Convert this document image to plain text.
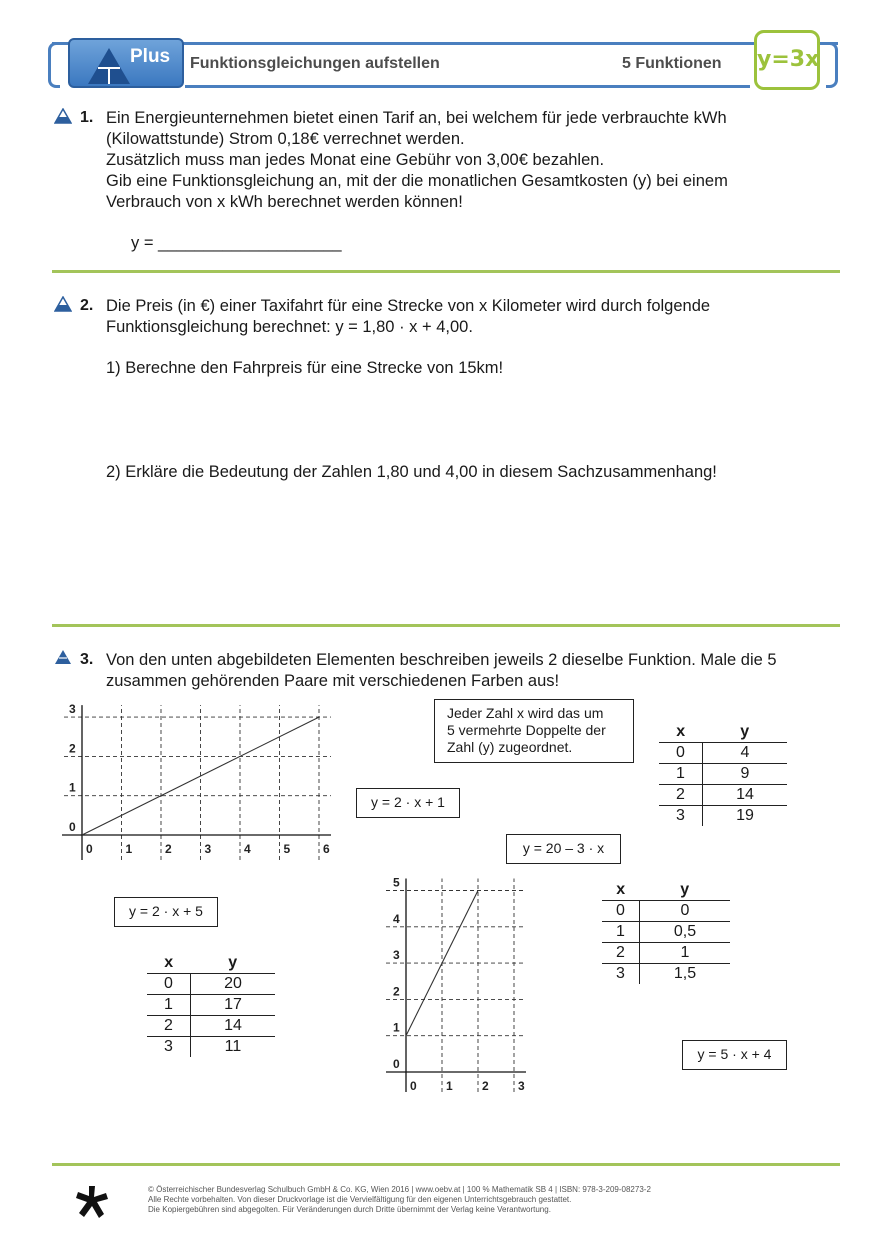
Plus Funktionsgleichungen aufstellen	5 Funktionen y=3x
1. Ein Energieunternehmen bietet einen Tarif an, bei welchem für jede verbrauchte kWh
(Kilowattstunde) Strom 0,18€ verrechnet werden.
Zusätzlich muss man jedes Monat eine Gebühr von 3,00€ bezahlen.
Gib eine Funktionsgleichung an, mit der die monatlichen Gesamtkosten (y) bei einem
Verbrauch von x kWh berechnet werden können!
y = ____________________
2. Die Preis (in €) einer Taxifahrt für eine Strecke von x Kilometer wird durch folgende
Funktionsgleichung berechnet: y = 1,80 · x + 4,00.
1) Berechne den Fahrpreis für eine Strecke von 15km!
2) Erkläre die Bedeutung der Zahlen 1,80 und 4,00 in diesem Sachzusammenhang!
3. Von den unten abgebildeten Elementen beschreiben jeweils 2 dieselbe Funktion. Male die 5
zusammen gehörenden Paare mit verschiedenen Farben aus!
0	1	2	3	4	5	6
0
1
2
3
0 1 2 3
0
1
2
3
4
5
Jeder Zahl x wird das um
5 vermehrte Doppelte der
Zahl (y) zugeordnet.
y = 2 · x + 1
y = 20 – 3 · x
y = 2 · x + 5
y = 5 · x + 4
x	y
0	4
1	9
2	14
3	19
x	y
0	0
1	0,5
2	1
3	1,5
x	y
0	20
1	17
2	14
3	11
© Österreichischer Bundesverlag Schulbuch GmbH & Co. KG, Wien 2016 | www.oebv.at | 100 % Mathematik SB 4 | ISBN: 978-3-209-08273-2
Alle Rechte vorbehalten. Von dieser Druckvorlage ist die Vervielfältigung für den eigenen Unterrichtsgebrauch gestattet.
Die Kopiergebühren sind abgegolten. Für Veränderungen durch Dritte übernimmt der Verlag keine Verantwortung.
